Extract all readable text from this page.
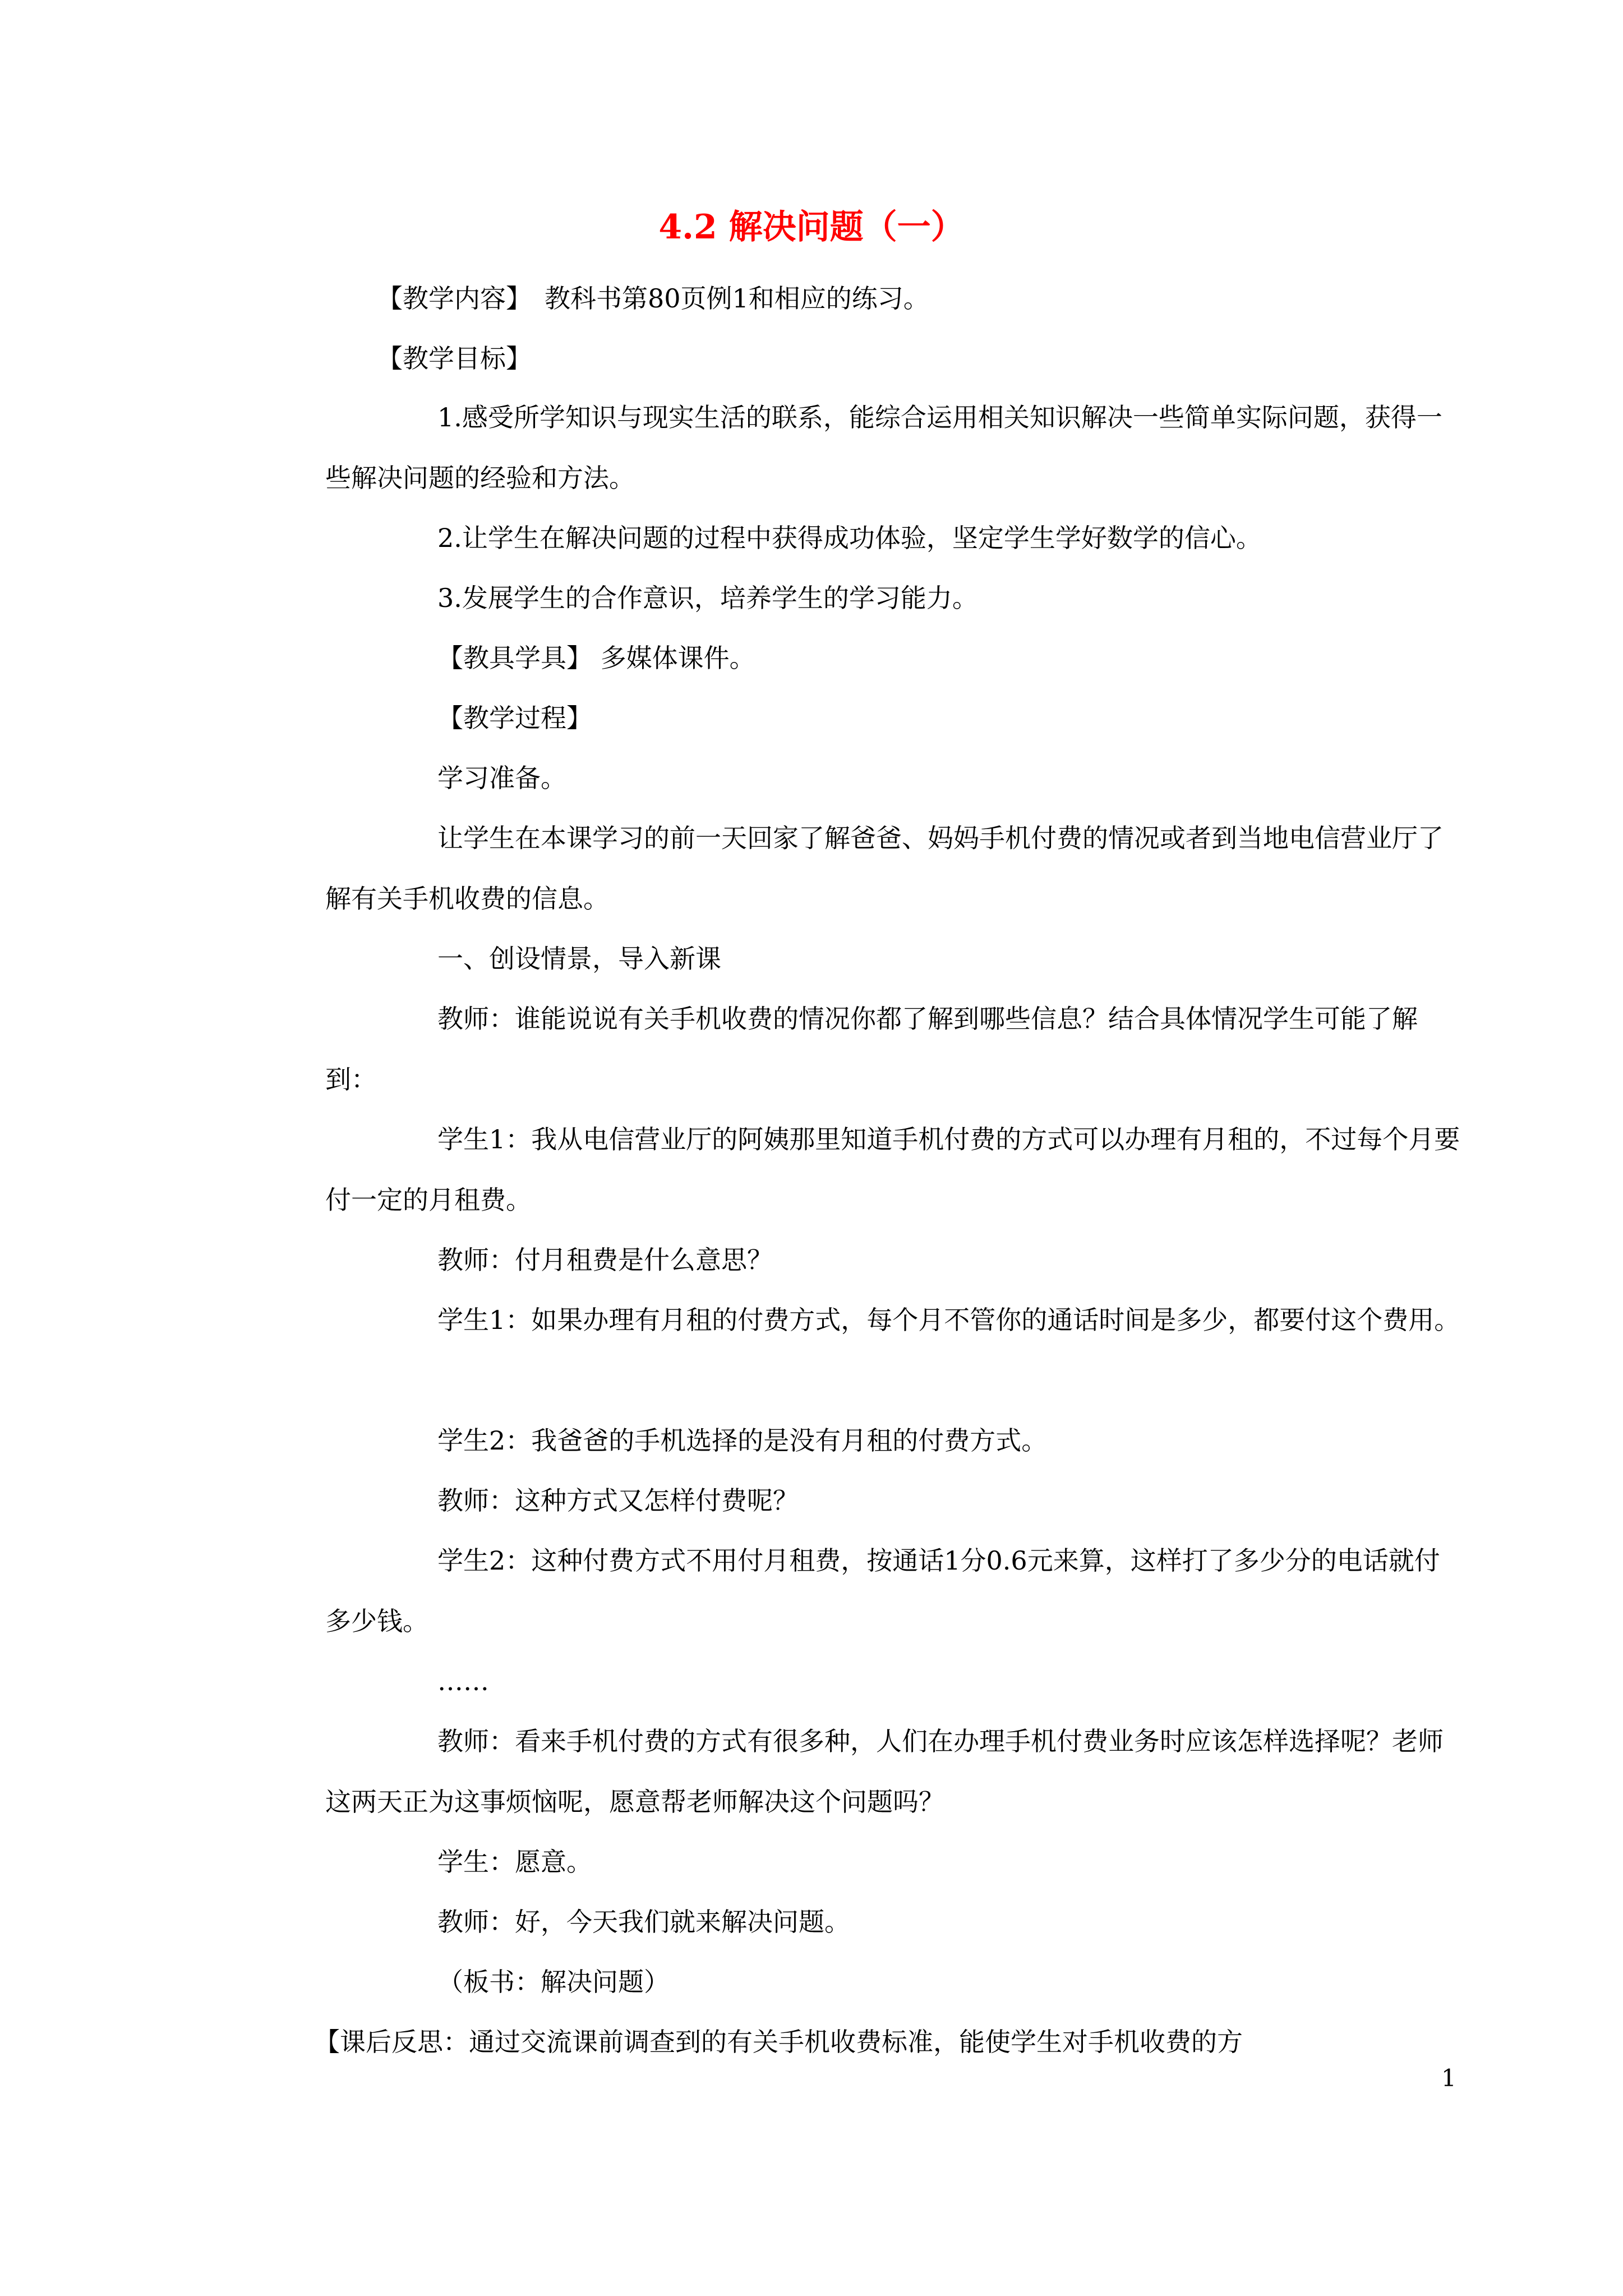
4.2 解决问题（一）

【教学内容】　教科书第80页例1和相应的练习。

【教学目标】

1.感受所学知识与现实生活的联系，能综合运用相关知识解决一些简单实际问题，获得一些解决问题的经验和方法。

2.让学生在解决问题的过程中获得成功体验，坚定学生学好数学的信心。

3.发展学生的合作意识，培养学生的学习能力。

【教具学具】 多媒体课件。

【教学过程】

学习准备。

让学生在本课学习的前一天回家了解爸爸、妈妈手机付费的情况或者到当地电信营业厅了解有关手机收费的信息。

一、创设情景，导入新课

教师：谁能说说有关手机收费的情况你都了解到哪些信息？结合具体情况学生可能了解到：

学生1：我从电信营业厅的阿姨那里知道手机付费的方式可以办理有月租的，不过每个月要付一定的月租费。

教师：付月租费是什么意思？

学生1：如果办理有月租的付费方式，每个月不管你的通话时间是多少，都要付这个费用。

学生2：我爸爸的手机选择的是没有月租的付费方式。

教师：这种方式又怎样付费呢？

学生2：这种付费方式不用付月租费，按通话1分0.6元来算，这样打了多少分的电话就付多少钱。

……

教师：看来手机付费的方式有很多种，人们在办理手机付费业务时应该怎样选择呢？老师这两天正为这事烦恼呢，愿意帮老师解决这个问题吗？

学生：愿意。

教师：好，今天我们就来解决问题。

（板书：解决问题）

【课后反思：通过交流课前调查到的有关手机收费标准，能使学生对手机收费的方

1
